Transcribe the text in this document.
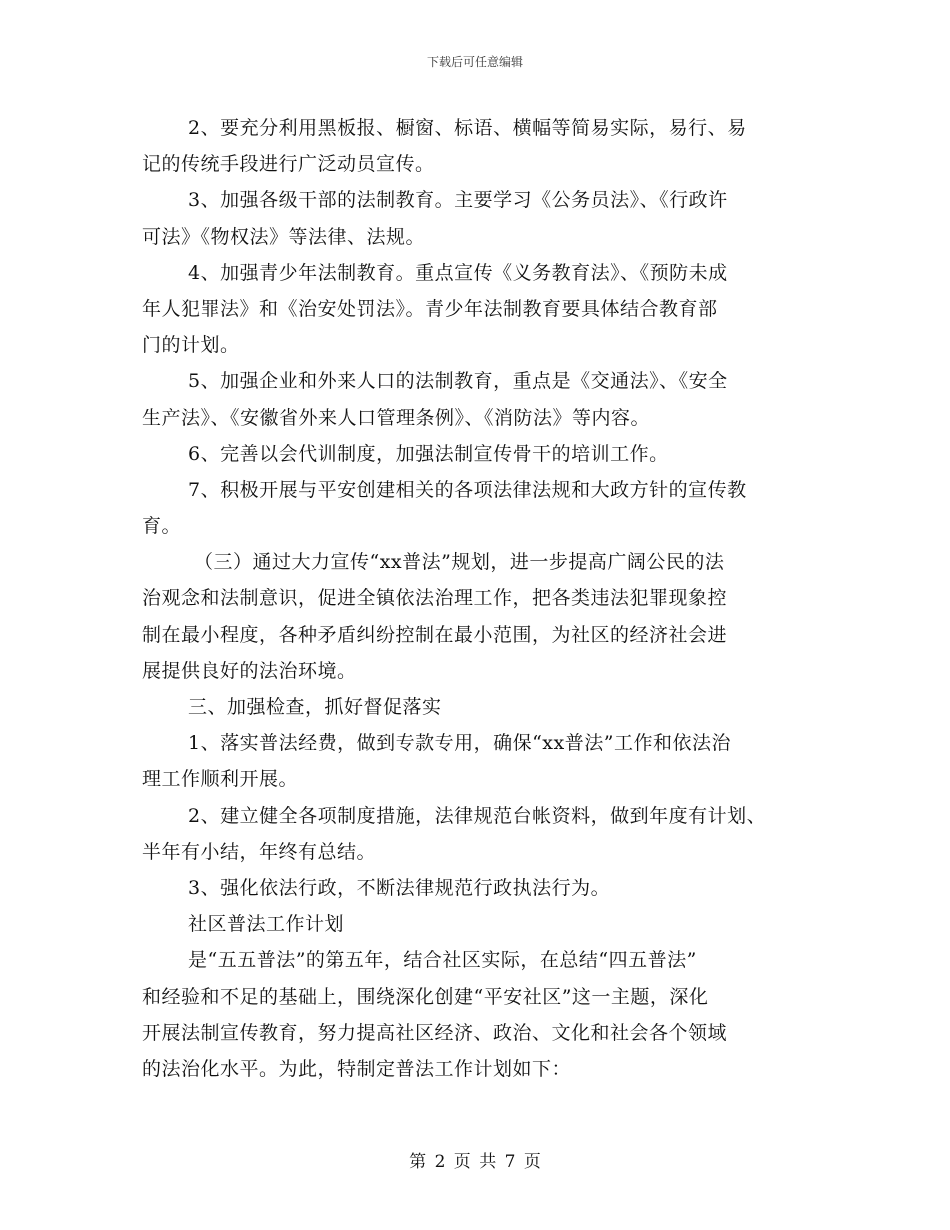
下载后可任意编辑
2、要充分利用黑板报、橱窗、标语、横幅等简易实际，易行、易
记的传统手段进行广泛动员宣传。
3、加强各级干部的法制教育。主要学习《公务员法》、《行政许
可法》《物权法》等法律、法规。
4、加强青少年法制教育。重点宣传《义务教育法》、《预防未成
年人犯罪法》和《治安处罚法》。青少年法制教育要具体结合教育部
门的计划。
5、加强企业和外来人口的法制教育，重点是《交通法》、《安全
生产法》、《安徽省外来人口管理条例》、《消防法》等内容。
6、完善以会代训制度，加强法制宣传骨干的培训工作。
7、积极开展与平安创建相关的各项法律法规和大政方针的宣传教
育。
（三）通过大力宣传“xx普法”规划，进一步提高广阔公民的法
治观念和法制意识，促进全镇依法治理工作，把各类违法犯罪现象控
制在最小程度，各种矛盾纠纷控制在最小范围，为社区的经济社会进
展提供良好的法治环境。
三、加强检查，抓好督促落实
1、落实普法经费，做到专款专用，确保“xx普法”工作和依法治
理工作顺利开展。
2、建立健全各项制度措施，法律规范台帐资料，做到年度有计划、
半年有小结，年终有总结。
3、强化依法行政，不断法律规范行政执法行为。
社区普法工作计划
是“五五普法”的第五年，结合社区实际，在总结“四五普法”
和经验和不足的基础上，围绕深化创建“平安社区”这一主题，深化
开展法制宣传教育，努力提高社区经济、政治、文化和社会各个领域
的法治化水平。为此，特制定普法工作计划如下：
第 2 页 共 7 页
